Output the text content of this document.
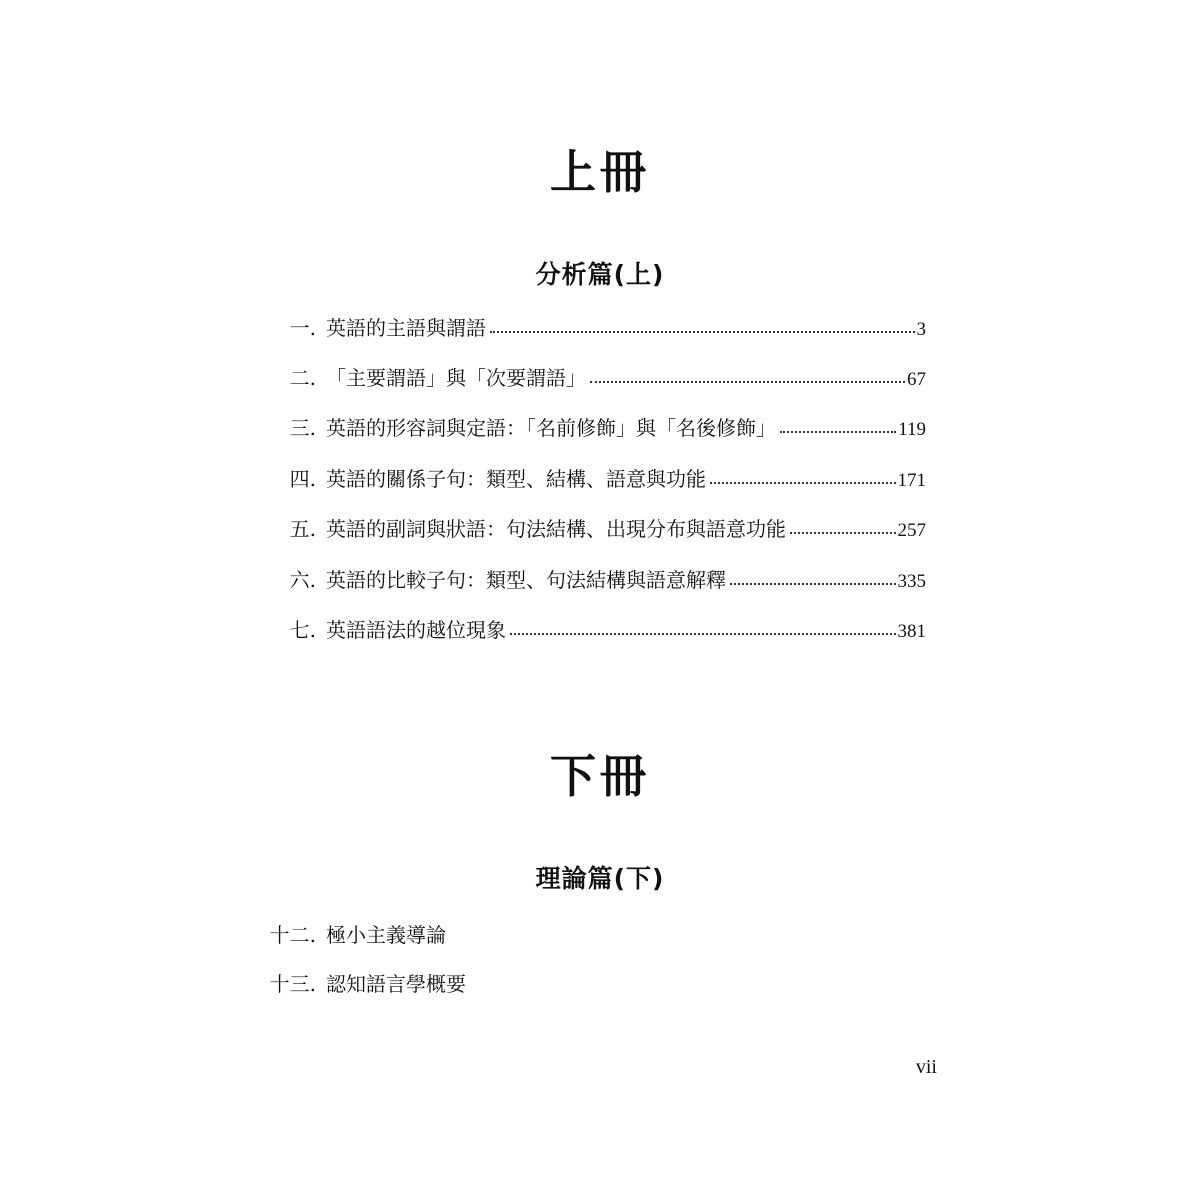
上冊
分析篇(上)
一. 英語的主語與謂語	3
二. 「主要謂語」與「次要謂語」	67
三. 英語的形容詞與定語：「名前修飾」與「名後修飾」	119
四. 英語的關係子句：類型、結構、語意與功能	171
五. 英語的副詞與狀語：句法結構、出現分布與語意功能	257
六. 英語的比較子句：類型、句法結構與語意解釋	335
七. 英語語法的越位現象	381
下冊
理論篇(下)
十二. 極小主義導論
十三. 認知語言學概要
vii
